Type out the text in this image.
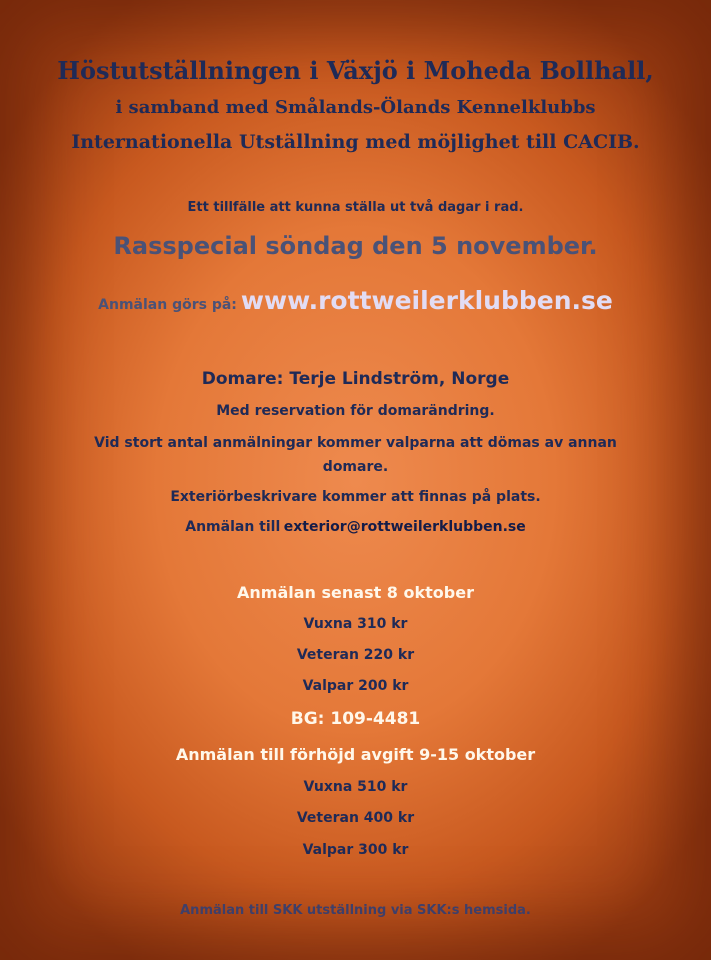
Höstutställningen i Växjö i Moheda Bollhall,
i samband med Smålands-Ölands Kennelklubbs
Internationella Utställning med möjlighet till CACIB.
Ett tillfälle att kunna ställa ut två dagar i rad.
Rasspecial söndag den 5 november.
Anmälan görs på: www.rottweilerklubben.se
Domare: Terje Lindström, Norge
Med reservation för domarändring.
Vid stort antal anmälningar kommer valparna att dömas av annan
domare.
Exteriörbeskrivare kommer att finnas på plats.
Anmälan till exterior@rottweilerklubben.se
Anmälan senast 8 oktober
Vuxna 310 kr
Veteran 220 kr
Valpar 200 kr
BG: 109-4481
Anmälan till förhöjd avgift 9-15 oktober
Vuxna 510 kr
Veteran 400 kr
Valpar 300 kr
Anmälan till SKK utställning via SKK:s hemsida.
